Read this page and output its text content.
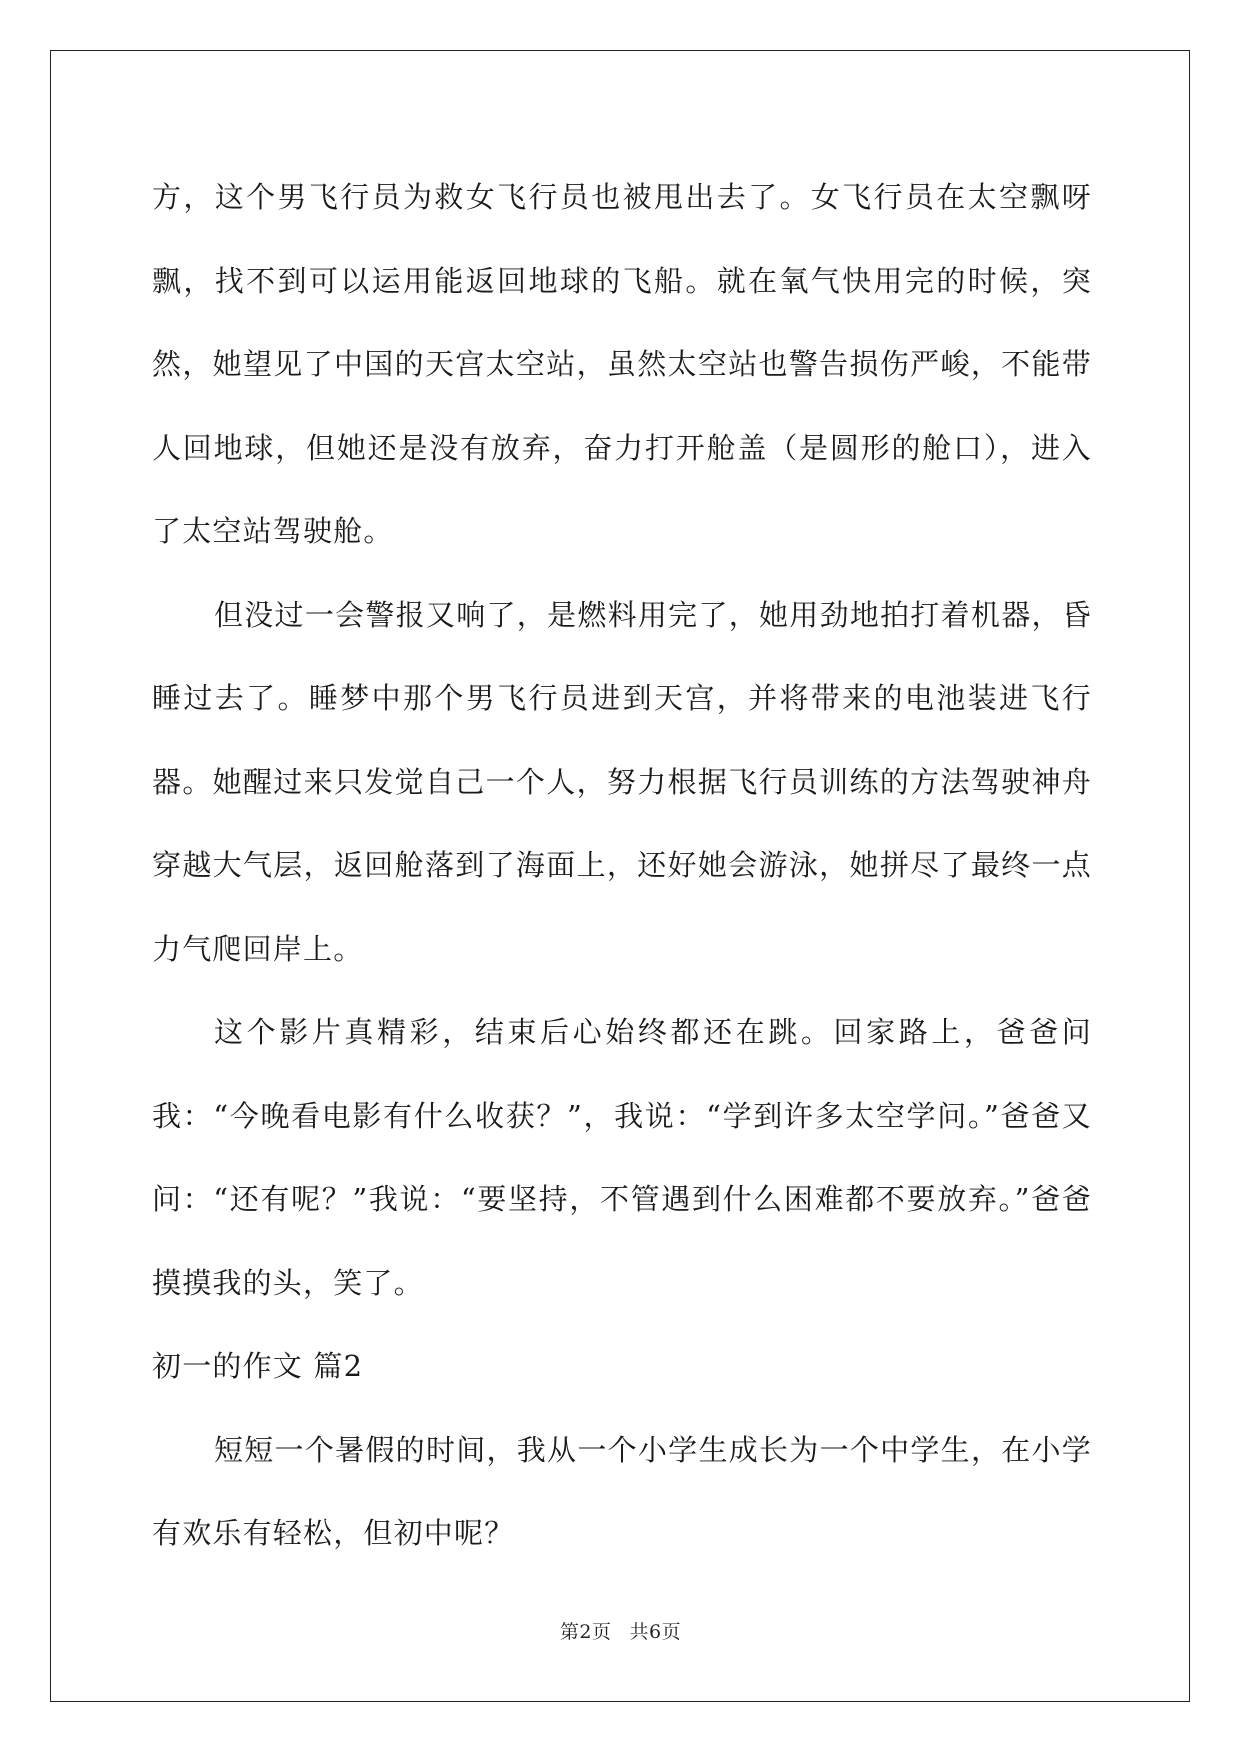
方，这个男飞行员为救女飞行员也被甩出去了。女飞行员在太空飘呀飘，找不到可以运用能返回地球的飞船。就在氧气快用完的时候，突然，她望见了中国的天宫太空站，虽然太空站也警告损伤严峻，不能带人回地球，但她还是没有放弃，奋力打开舱盖（是圆形的舱口），进入了太空站驾驶舱。

但没过一会警报又响了，是燃料用完了，她用劲地拍打着机器，昏睡过去了。睡梦中那个男飞行员进到天宫，并将带来的电池装进飞行器。她醒过来只发觉自己一个人，努力根据飞行员训练的方法驾驶神舟穿越大气层，返回舱落到了海面上，还好她会游泳，她拼尽了最终一点力气爬回岸上。

这个影片真精彩，结束后心始终都还在跳。回家路上，爸爸问我：“今晚看电影有什么收获？”，我说：“学到许多太空学问。”爸爸又问：“还有呢？”我说：“要坚持，不管遇到什么困难都不要放弃。”爸爸摸摸我的头，笑了。

初一的作文 篇2

短短一个暑假的时间，我从一个小学生成长为一个中学生，在小学有欢乐有轻松，但初中呢？

第2页 共6页
